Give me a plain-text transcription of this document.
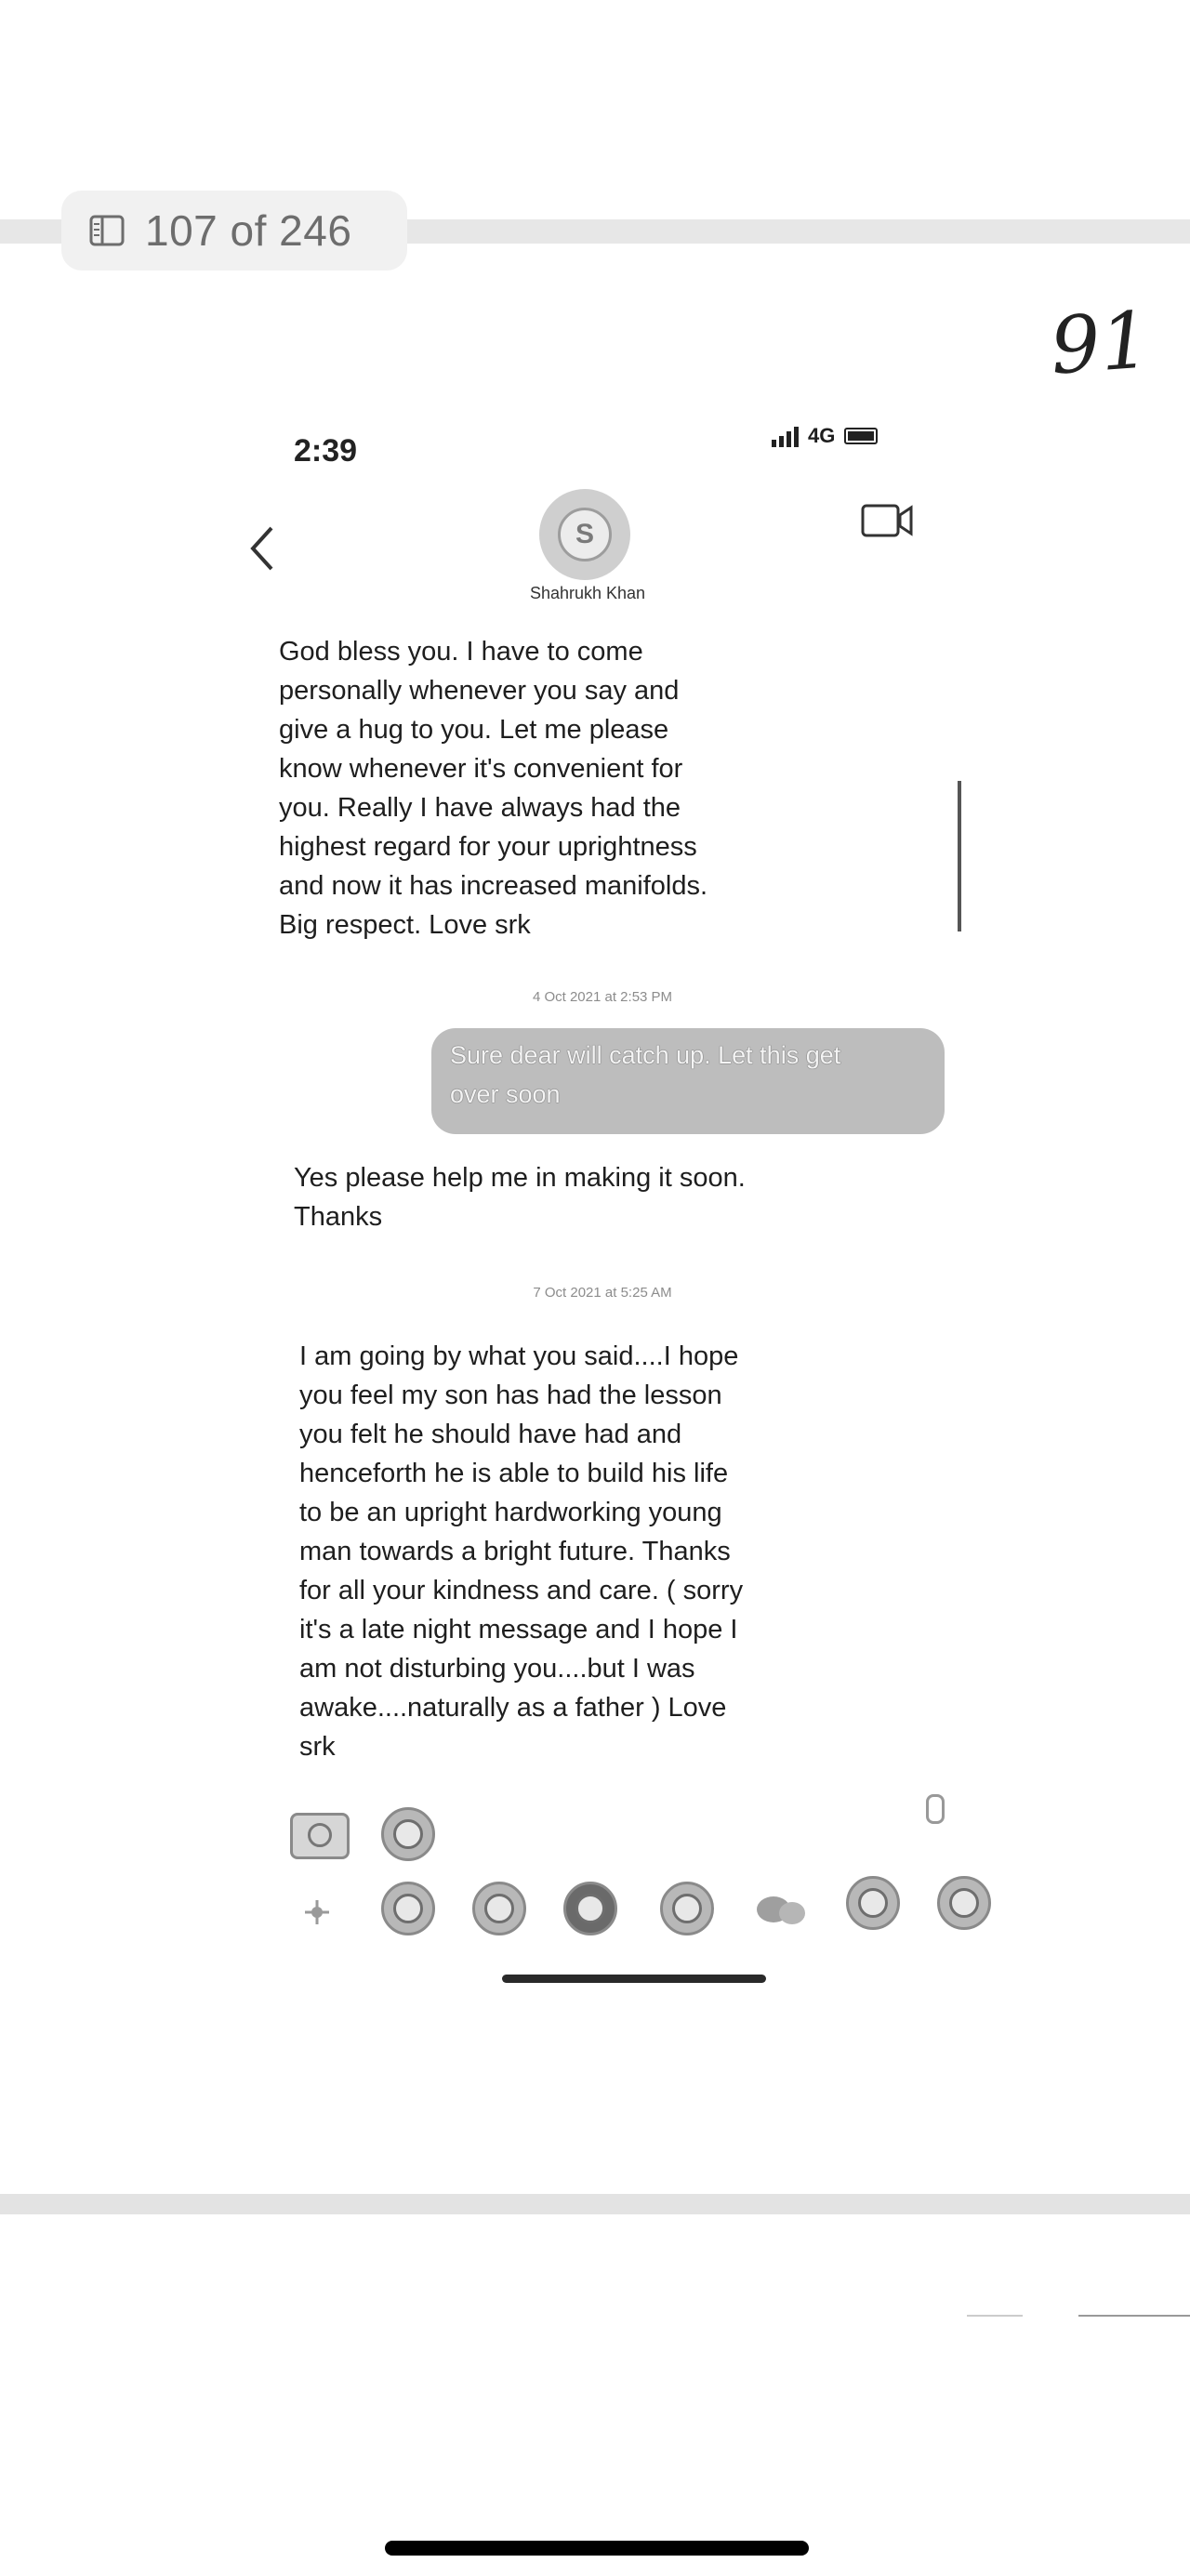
107 of 246
91
2:39	4G
S
Shahrukh Khan
God bless you. I have to come
personally whenever you say and
give a hug to you. Let me please
know whenever it's convenient for
you. Really I have always had the
highest regard for your uprightness
and now it has increased manifolds.
Big respect. Love srk
4 Oct 2021 at 2:53 PM
Sure dear will catch up. Let this get
over soon
Yes please help me in making it soon.
Thanks
7 Oct 2021 at 5:25 AM
I am going by what you said....I hope
you feel my son has had the lesson
you felt he should have had and
henceforth he is able to build his life
to be an upright hardworking young
man towards a bright future. Thanks
for all your kindness and care. ( sorry
it's a late night message and I hope I
am not disturbing you....but I was
awake....naturally as a father ) Love
srk
